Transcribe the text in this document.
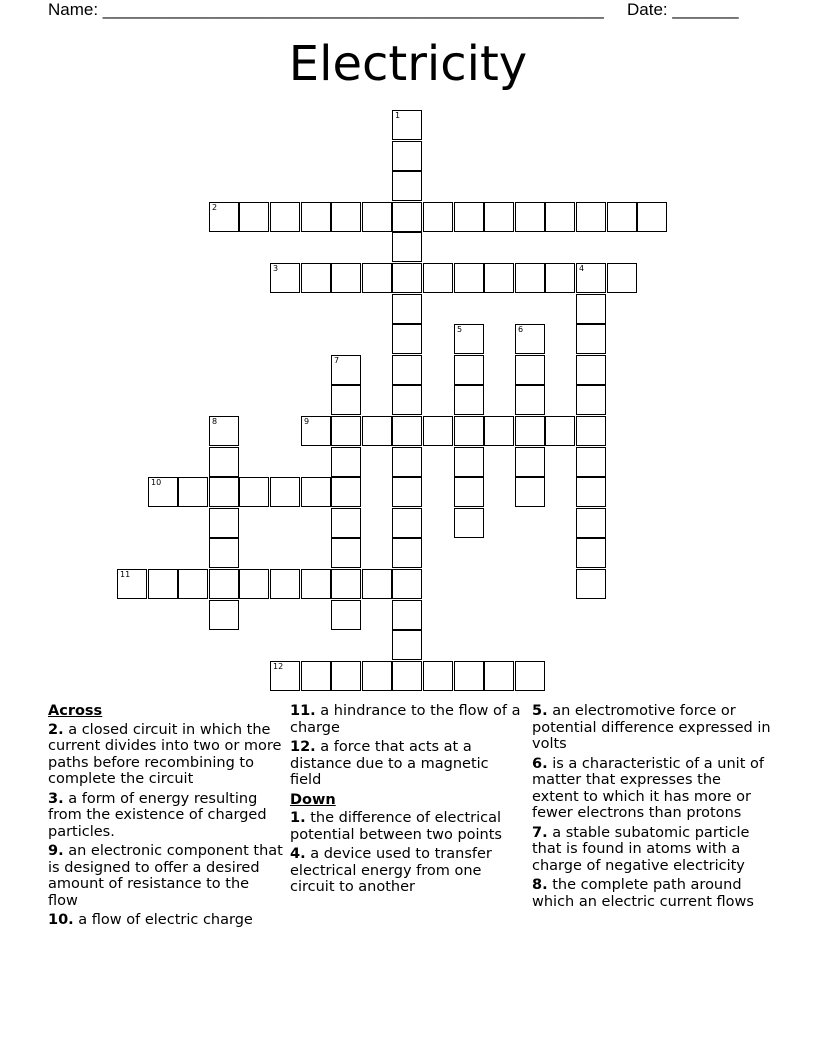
Name: _____________________________________________________ Date: _______
Electricity
1
2
3	4
5	6
7
8	9
10
11
12
Across
2. a closed circuit in which the current divides into two or more paths before recombining to complete the circuit
3. a form of energy resulting from the existence of charged particles.
9. an electronic component that is designed to offer a desired amount of resistance to the flow
10. a flow of electric charge
11. a hindrance to the flow of a charge
12. a force that acts at a distance due to a magnetic field
Down
1. the difference of electrical potential between two points
4. a device used to transfer electrical energy from one circuit to another
5. an electromotive force or potential difference expressed in volts
6. is a characteristic of a unit of matter that expresses the extent to which it has more or fewer electrons than protons
7. a stable subatomic particle that is found in atoms with a charge of negative electricity
8. the complete path around which an electric current flows
